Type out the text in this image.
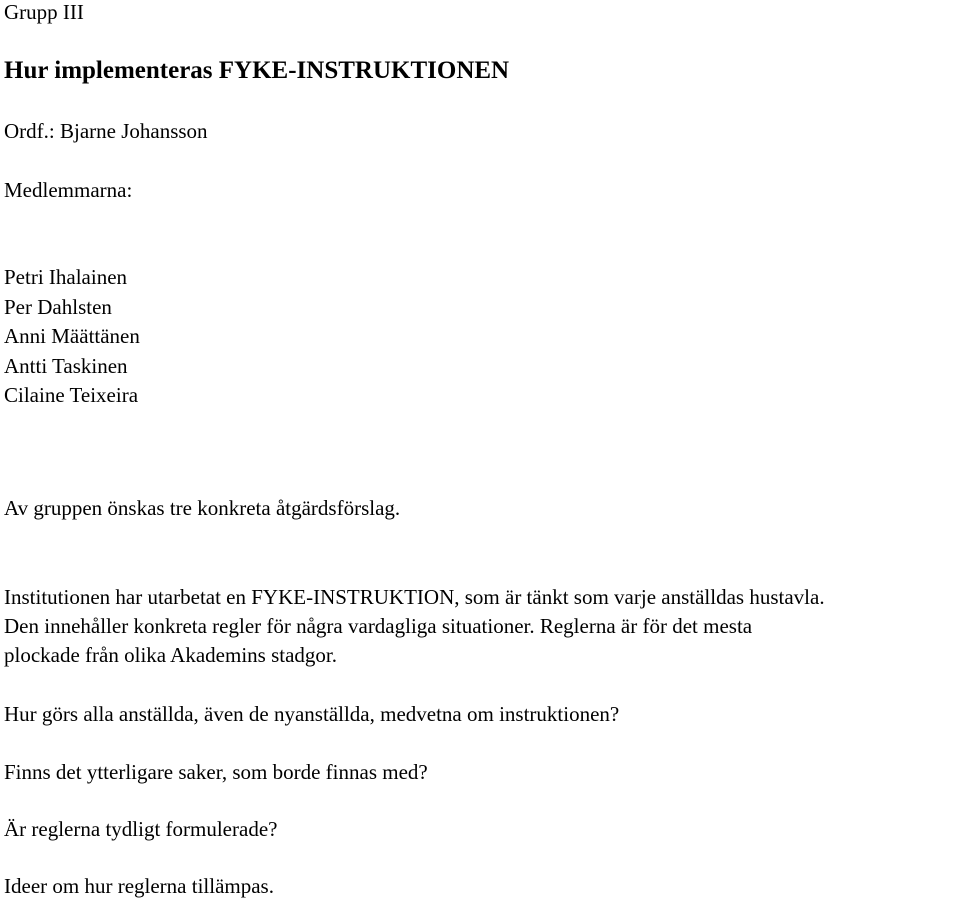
Grupp III

Hur implementeras FYKE-INSTRUKTIONEN

Ordf.: Bjarne Johansson

Medlemmarna:

Petri Ihalainen
Per Dahlsten
Anni Määttänen
Antti Taskinen
Cilaine Teixeira

Av gruppen önskas tre konkreta åtgärdsförslag.

Institutionen har utarbetat en FYKE-INSTRUKTION, som är tänkt som varje anställdas hustavla.
Den innehåller konkreta regler för några vardagliga situationer. Reglerna är för det mesta
plockade från olika Akademins stadgor.

Hur görs alla anställda, även de nyanställda, medvetna om instruktionen?

Finns det ytterligare saker, som borde finnas med?

Är reglerna tydligt formulerade?

Ideer om hur reglerna tillämpas.
